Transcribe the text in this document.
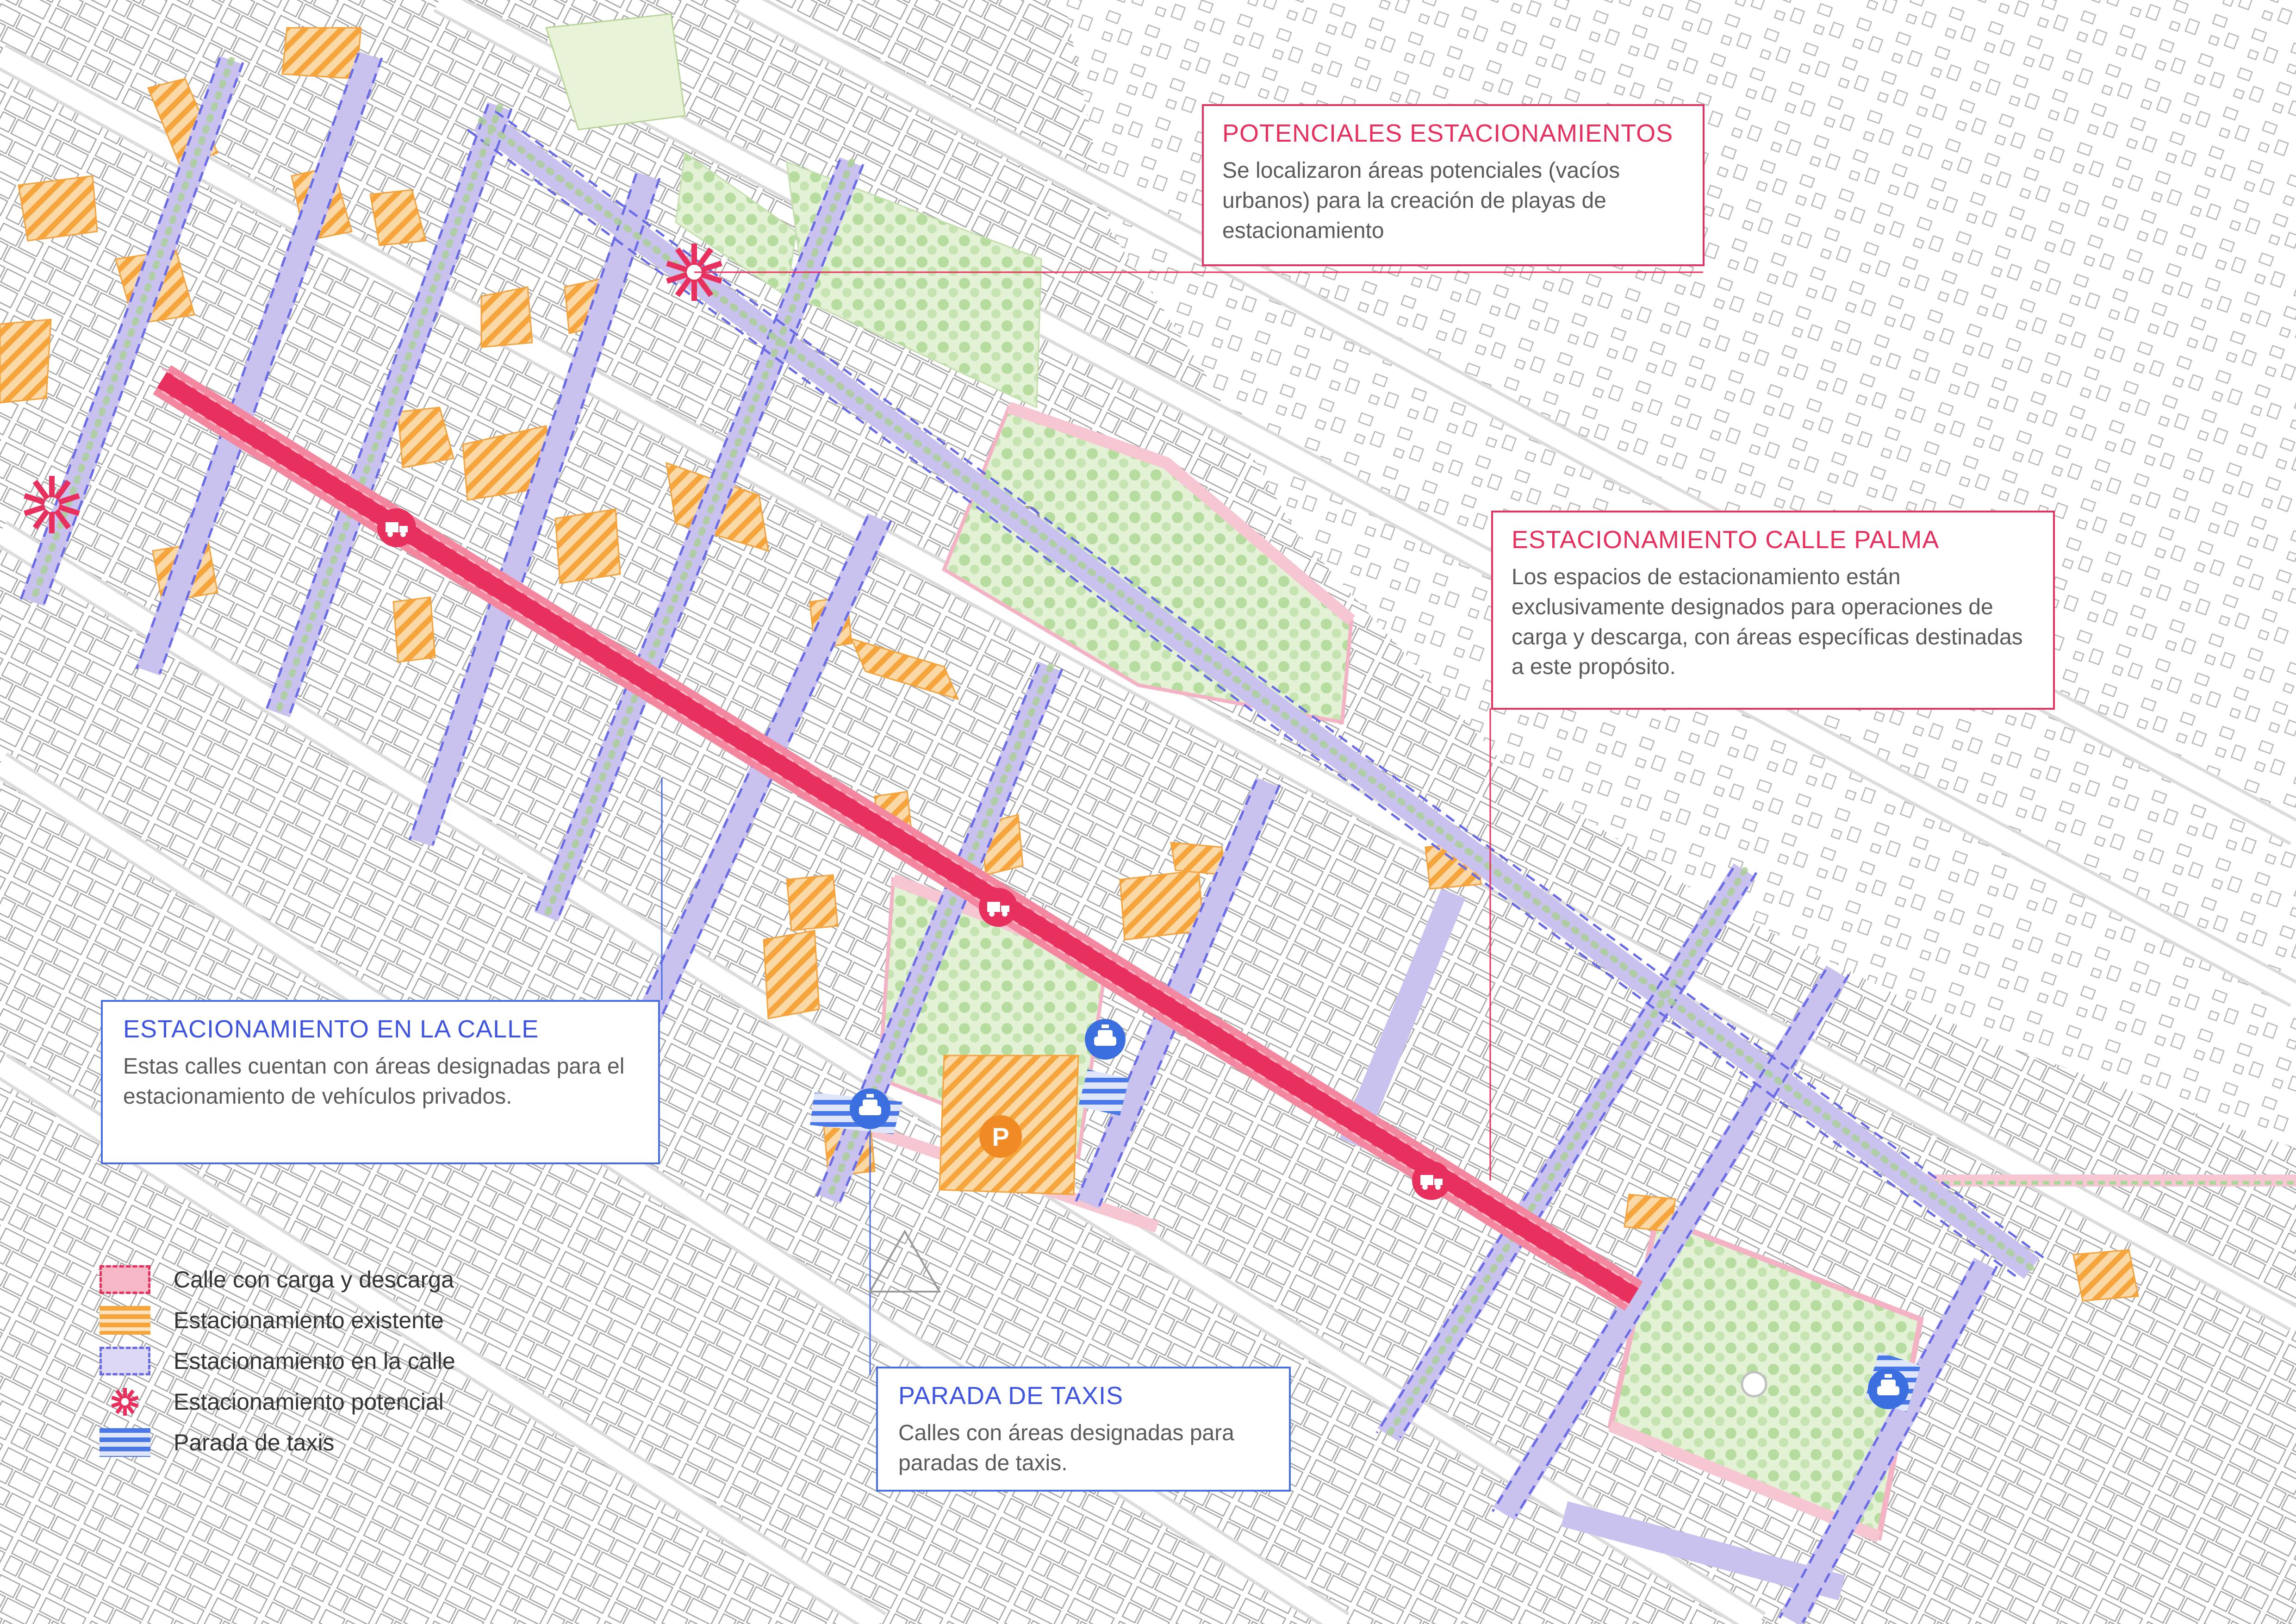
P
POTENCIALES ESTACIONAMIENTOS

Se localizaron áreas potenciales (vacíos urbanos) para la creación de playas de estacionamiento

ESTACIONAMIENTO CALLE PALMA

Los espacios de estacionamiento están exclusivamente designados para operaciones de carga y descarga, con áreas específicas destinadas a este propósito.

ESTACIONAMIENTO EN LA CALLE

Estas calles cuentan con áreas designadas para el estacionamiento de vehículos privados.

PARADA DE TAXIS

Calles con áreas designadas para paradas de taxis.

Calle con carga y descarga
Estacionamiento existente
Estacionamiento en la calle
Estacionamiento potencial
Parada de taxis
